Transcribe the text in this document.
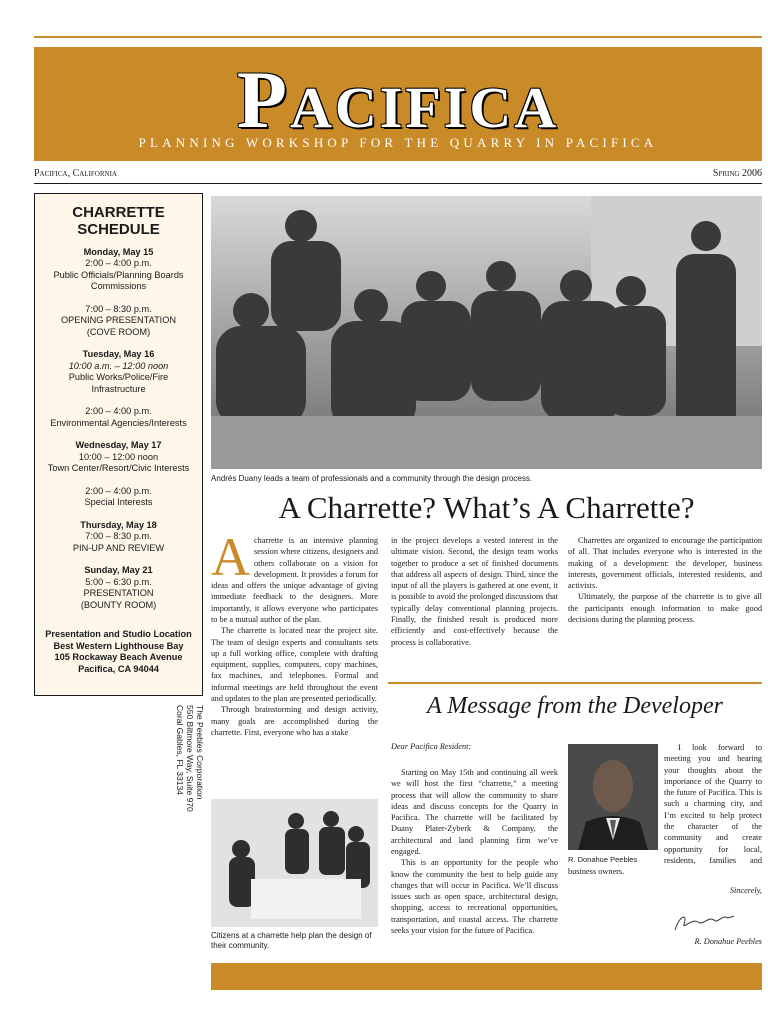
PACIFICA
PLANNING WORKSHOP FOR THE QUARRY IN PACIFICA
Pacifica, California	Spring 2006
CHARRETTE
SCHEDULE
Monday, May 15
2:00 – 4:00 p.m.
Public Officials/Planning Boards
Commissions
7:00 – 8:30 p.m.
OPENING PRESENTATION
(COVE ROOM)
Tuesday, May 16
10:00 a.m. – 12:00 noon
Public Works/Police/Fire
Infrastructure
2:00 – 4:00 p.m.
Environmental Agencies/Interests
Wednesday, May 17
10:00 – 12:00 noon
Town Center/Resort/Civic Interests
2:00 – 4:00 p.m.
Special Interests
Thursday, May 18
7:00 – 8:30 p.m.
PIN-UP AND REVIEW
Sunday, May 21
5:00 – 6:30 p.m.
PRESENTATION
(BOUNTY ROOM)
Presentation and Studio Location
Best Western Lighthouse Bay
105 Rockaway Beach Avenue
Pacifica, CA 94044
The Peebles Corporation
550 Biltmore Way, Suite 970
Coral Gables, FL 33134
Andrés Duany leads a team of professionals and a community through the design process.
A Charrette? What’s A Charrette?

Acharrette is an intensive planning session where citizens, designers and others collaborate on a vision for development. It provides a forum for ideas and offers the unique advantage of giving immediate feedback to the designers. More importantly, it allows everyone who participates to be a mutual author of the plan.

The charrette is located near the project site. The team of design experts and consultants sets up a full working office, complete with drafting equipment, supplies, computers, copy machines, fax machines, and telephones. Formal and informal meetings are held throughout the event and updates to the plan are presented periodically.

Through brainstorming and design activity, many goals are accomplished during the charrette. First, everyone who has a stake

in the project develops a vested interest in the ultimate vision. Second, the design team works together to produce a set of finished documents that address all aspects of design. Third, since the input of all the players is gathered at one event, it is possible to avoid the prolonged discussions that typically delay conventional planning projects. Finally, the finished result is produced more efficiently and cost-effectively because the process is collaborative.

Charrettes are organized to encourage the participation of all. That includes everyone who is interested in the making of a development: the developer, business interests, government officials, interested residents, and activists.

Ultimately, the purpose of the charrette is to give all the participants enough information to make good decisions during the planning process.

Citizens at a charrette help plan the design of their community.
A Message from the Developer
Dear Pacifica Resident:

Starting on May 15th and continuing all week we will host the first “charrette,” a meeting process that will allow the community to share ideas and discuss concepts for the Quarry in Pacifica. The charrette will be facilitated by Duany Plater-Zyberk & Company, the architectural and land planning firm we’ve engaged.

This is an opportunity for the people who know the community the best to help guide any changes that will occur in Pacifica. We’ll discuss issues such as open space, architectural design, shopping, access to recreational opportunities, transportation, and coastal access. The charrette seeks your vision for the future of Pacifica.

R. Donahue Peebles

I look forward to meeting you and hearing your thoughts about the importance of the Quarry to the future of Pacifica. This is such a charming city, and I’m excited to help protect the character of the community and create opportunity for local, residents, families and business owners.

Sincerely,

R. Donahue Peebles
